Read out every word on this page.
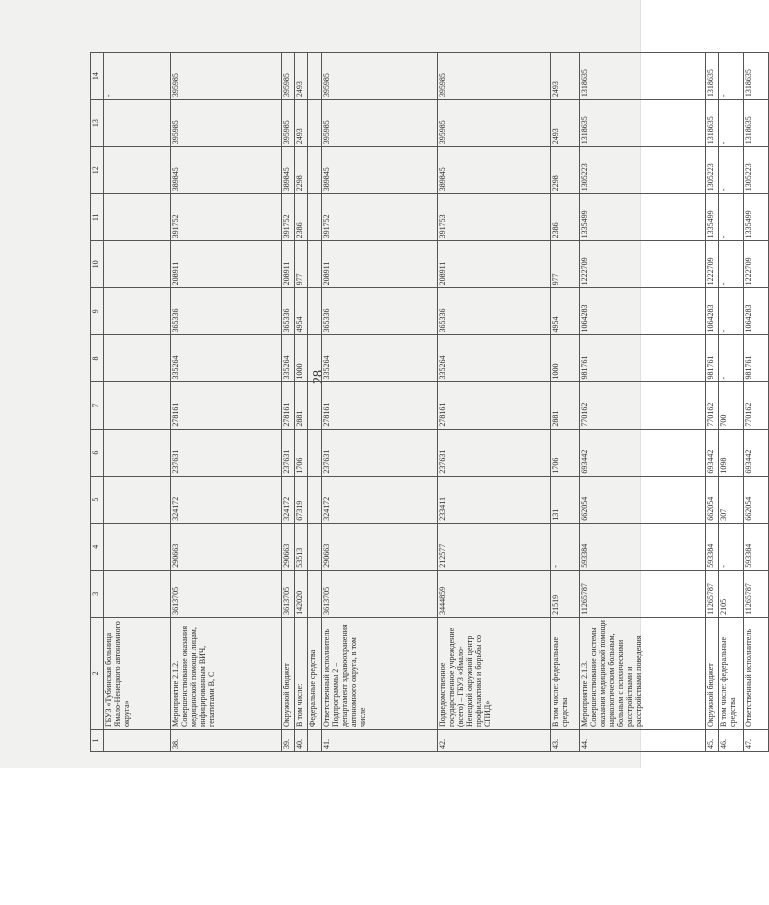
28
1	2	3	4	5	6	7	8	9	10	11	12	13	14
	ГБУЗ «Тубинская больница Ямало-Ненецкого автономного округа»												-
38.	Мероприятие 2.1.2. Совершенствование оказания медицинской помощи лицам, инфицированным ВИЧ, гепатитами В, С	3613705	290663	324172	237631	278161	335264	365336	208911	391752	389845	395985	395985
39.	Окружной бюджет	3613705	290663	324172	237631	278161	335264	365336	208911	391752	389845	395985	395985
40.	В том числе:	142020	53513	67319	1706	2881	1000	4954	977	2386	2298	2493	2493
	Федеральные средства												
41.	Ответственный исполнитель Подпрограммы 2 – департамент здравоохранения автономного округа, в том числе	3613705	290663	324172	237631	278161	335264	365336	208911	391752	389845	395985	395985
42.	Подведомственное государственное учреждение (всего) – ГБУЗ «Ямало-Ненецкий окружной центр профилактики и борьбы со СПИД»	3444859	212577	233411	237631	278161	335264	365336	208911	391753	389845	395985	395985
43.	В том числе: федеральные средства	21519	-	131	1706	2881	1000	4954	977	2386	2298	2493	2493
44.	Мероприятие 2.1.3. Совершенствование системы оказания медицинской помощи наркологическим больным, больным с психическими расстройствами и расстройствами поведения	11265787	593384	662054	693442	770162	981761	1064283	1222709	1335499	1305223	1318635	1318635
45.	Окружной бюджет	11265787	593384	662054	693442	770162	981761	1064283	1222709	1335499	1305223	1318635	1318635
46.	В том числе: федеральные средства	2105	-	307	1098	700	-	-	-	-	-	-	-
47.	Ответственный исполнитель	11265787	593384	662054	693442	770162	981761	1064283	1222709	1335499	1305223	1318635	1318635
